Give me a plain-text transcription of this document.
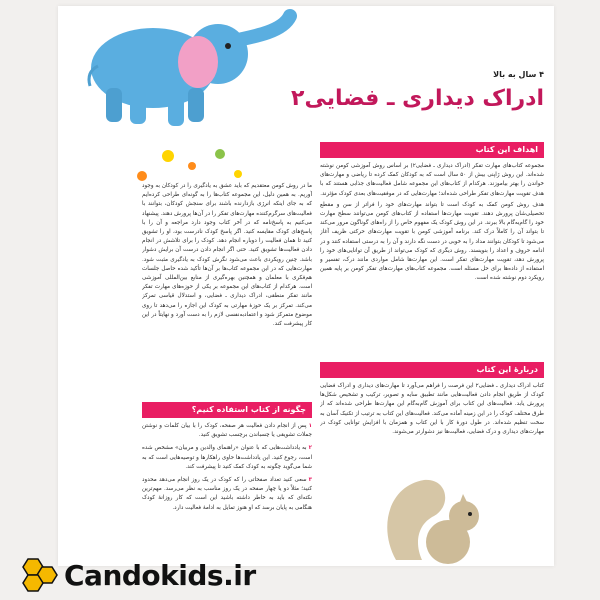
۴ سال به بالا
ادراک دیداری ـ فضایی۲
اهداف این کتاب

مجموعه کتاب‌های مهارت تفکر (ادراک دیداری ـ فضایی۲) بر اساس روش آموزشی کومن نوشته شده‌اند. این روش ژاپنی بیش از ۵۰ سال است که به کودکان کمک کرده تا ریاضی و مهارت‌های خواندن را بهتر بیاموزند. هرکدام از کتاب‌های این مجموعه شامل فعالیت‌های جذابی هستند که با هدف تقویت مهارت‌های تفکر طراحی شده‌اند؛ مهارت‌هایی که در موفقیت‌های بعدی کودک مؤثرند.

هدف روش کومن کمک به کودک است تا بتواند مهارت‌های خود را فراتر از سن و مقطع تحصیلی‌شان پرورش دهند. تقویت مهارت‌ها استفاده از کتاب‌های کومن می‌توانند سطح مهارت خود را گام‌به‌گام بالا ببرند. در این روش کودک یک مفهوم خاص را از راه‌های گوناگون مرور می‌کند تا بتواند آن را کاملاً درک کند. برنامه آموزشی کومن با تقویت مهارت‌های حرکتی ظریف آغاز می‌شود تا کودکان بتوانند مداد را به خوبی در دست نگه دارند و آن را به درستی استفاده کنند و در ادامه حروف و اعداد را بنویسند. روش دیگری که کودک می‌تواند از طریق آن توانایی‌های خود را پرورش دهد، تقویت مهارت‌های تفکر است. این مهارت‌ها شامل مواردی مانند درک، تفسیر و استفاده از داده‌ها برای حل مسئله است. مجموعه کتاب‌های مهارت‌های تفکر کومن بر پایه همین رویکرد دوم نوشته شده است.

دربارهٔ این کتاب

کتاب ادراک دیداری ـ فضایی۲ این فرصت را فراهم می‌آورد تا مهارت‌های دیداری و ادراک فضایی کودک از طریق انجام دادن فعالیت‌هایی مانند تطبیق سایه و تصویر، ترکیب و تشخیص شکل‌ها پرورش یابد. فعالیت‌های این کتاب برای آموزش گام‌به‌گام این مهارت‌ها طراحی شده‌اند که از طرق مختلف کودک را در این زمینه آماده می‌کند. فعالیت‌های این کتاب به ترتیب از تکنیک آسان به سخت تنظیم شده‌اند. در طول دورهٔ کار با این کتاب و همزمان با افزایش توانایی کودک در مهارت‌های دیداری و درک فضایی، فعالیت‌ها نیز دشوارتر می‌شوند.

ما در روش کومن معتقدیم که باید عشق به یادگیری را در کودکان به وجود آوریم. به همین دلیل، این مجموعه کتاب‌ها را به گونه‌ای طراحی کرده‌ایم که به جای اینکه انرژی بازدارنده باشند برای سنجش کودکان، بتوانند با فعالیت‌های سرگرم‌کننده مهارت‌های تفکر را در آن‌ها پرورش دهند. پیشنهاد می‌کنیم به پاسخ‌نامه که در آخر کتاب وجود دارد مراجعه و آن را با پاسخ‌های کودک مقایسه کنید. اگر پاسخ کودک نادرست بود، او را تشویق کنید تا همان فعالیت را دوباره انجام دهد. کودک را برای تلاشش در انجام دادن فعالیت‌ها تشویق کنید. حتی اگر انجام دادن درست آن برایش دشوار باشد. چنین رویکردی باعث می‌شود نگرش کودک به یادگیری مثبت شود. مهارت‌هایی که در این مجموعه کتاب‌ها بر آن‌ها تأکید شده حاصل جلسات هم‌فکری با معلمان و همچنین بهره‌گیری از منابع بین‌المللی آموزشی است. هرکدام از کتاب‌های این مجموعه بر یکی از حوزه‌های مهارت تفکر مانند تفکر منطقی، ادراک دیداری ـ فضایی، و استدلال قیاسی تمرکز می‌کند. تمرکز بر یک حوزهٔ مهارتی به کودک این اجازه را می‌دهد تا روی موضوع متمرکز شود و اعتمادبه‌نفسی لازم را به دست آورد و نهایتاً در این کار پیشرفت کند.

چگونه از کتاب استفاده کنیم؟
۱پس از انجام دادن فعالیت هر صفحه، کودک را با بیان کلمات و نوشتن جملات تشویقی یا چسباندن برچسب تشویق کنید.
۲به یادداشت‌هایی که با عنوان «راهنمای والدین و مربیان» مشخص شده است، رجوع کنید. این یادداشت‌ها حاوی راهکارها و توصیه‌هایی است که به شما می‌گوید چگونه به کودک کمک کنید تا پیشرفت کند.
۳سعی کنید تعداد صفحاتی را که کودک در یک روز انجام می‌دهد محدود کنید؛ مثلاً دو یا چهار صفحه در یک روز مناسب به نظر می‌رسد. مهم‌ترین نکته‌ای که باید به خاطر داشته باشید این است که کار روزانهٔ کودک هنگامی به پایان برسد که او هنوز تمایل به ادامهٔ فعالیت دارد.
Candokids.ir
